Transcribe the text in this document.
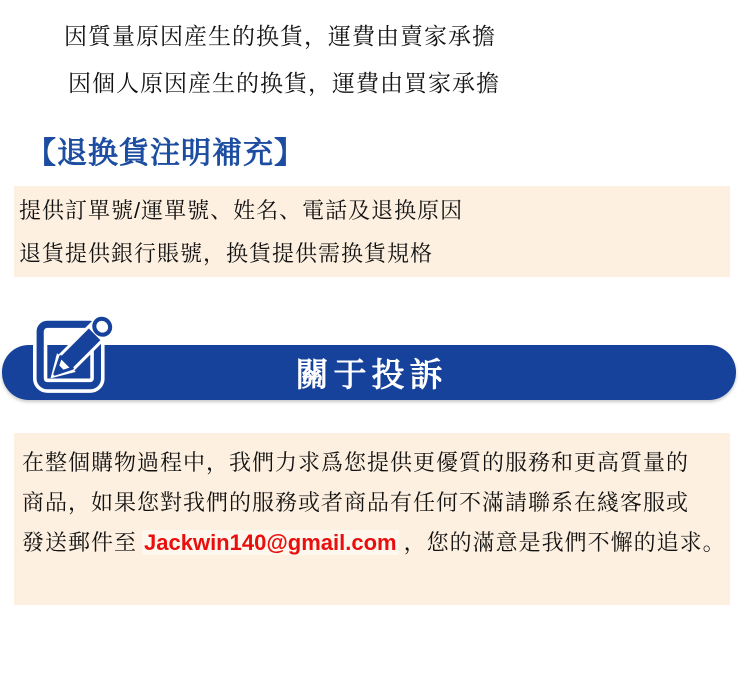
因質量原因産生的换貨，運費由賣家承擔
因個人原因産生的换貨，運費由買家承擔
【退换貨注明補充】
提供訂單號/運單號、姓名、電話及退换原因
退貨提供銀行賬號，换貨提供需换貨規格
關于投訴
在整個購物過程中，我們力求爲您提供更優質的服務和更高質量的
商品，如果您對我們的服務或者商品有任何不滿請聯系在綫客服或
發送郵件至 Jackwin140@gmail.com ，您的滿意是我們不懈的追求。
